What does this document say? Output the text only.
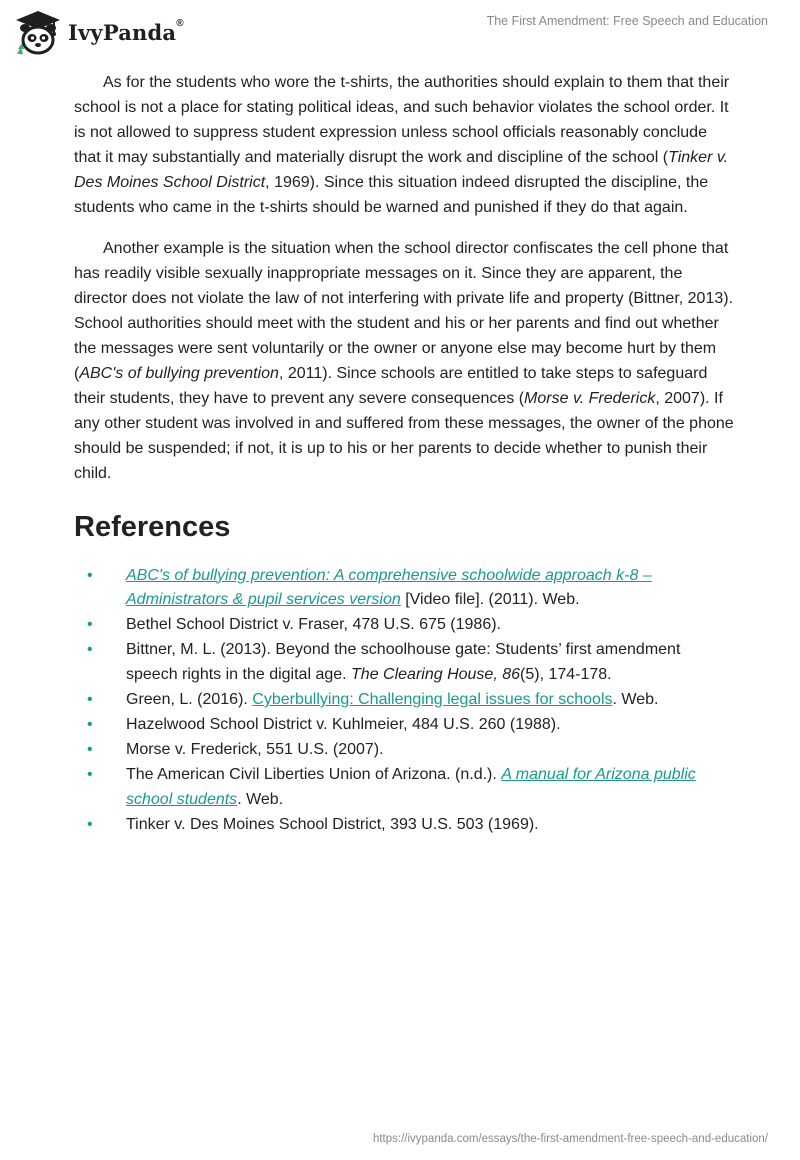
IvyPanda®	The First Amendment: Free Speech and Education

As for the students who wore the t-shirts, the authorities should explain to them that their school is not a place for stating political ideas, and such behavior violates the school order. It is not allowed to suppress student expression unless school officials reasonably conclude that it may substantially and materially disrupt the work and discipline of the school (Tinker v. Des Moines School District, 1969). Since this situation indeed disrupted the discipline, the students who came in the t-shirts should be warned and punished if they do that again.

Another example is the situation when the school director confiscates the cell phone that has readily visible sexually inappropriate messages on it. Since they are apparent, the director does not violate the law of not interfering with private life and property (Bittner, 2013). School authorities should meet with the student and his or her parents and find out whether the messages were sent voluntarily or the owner or anyone else may become hurt by them (ABC's of bullying prevention, 2011). Since schools are entitled to take steps to safeguard their students, they have to prevent any severe consequences (Morse v. Frederick, 2007). If any other student was involved in and suffered from these messages, the owner of the phone should be suspended; if not, it is up to his or her parents to decide whether to punish their child.

References
• ABC's of bullying prevention: A comprehensive schoolwide approach k-8 – Administrators & pupil services version [Video file]. (2011). Web.
• Bethel School District v. Fraser, 478 U.S. 675 (1986).
• Bittner, M. L. (2013). Beyond the schoolhouse gate: Students’ first amendment speech rights in the digital age. The Clearing House, 86(5), 174-178.
• Green, L. (2016). Cyberbullying: Challenging legal issues for schools. Web.
• Hazelwood School District v. Kuhlmeier, 484 U.S. 260 (1988).
• Morse v. Frederick, 551 U.S. (2007).
• The American Civil Liberties Union of Arizona. (n.d.). A manual for Arizona public school students. Web.
• Tinker v. Des Moines School District, 393 U.S. 503 (1969).
https://ivypanda.com/essays/the-first-amendment-free-speech-and-education/
